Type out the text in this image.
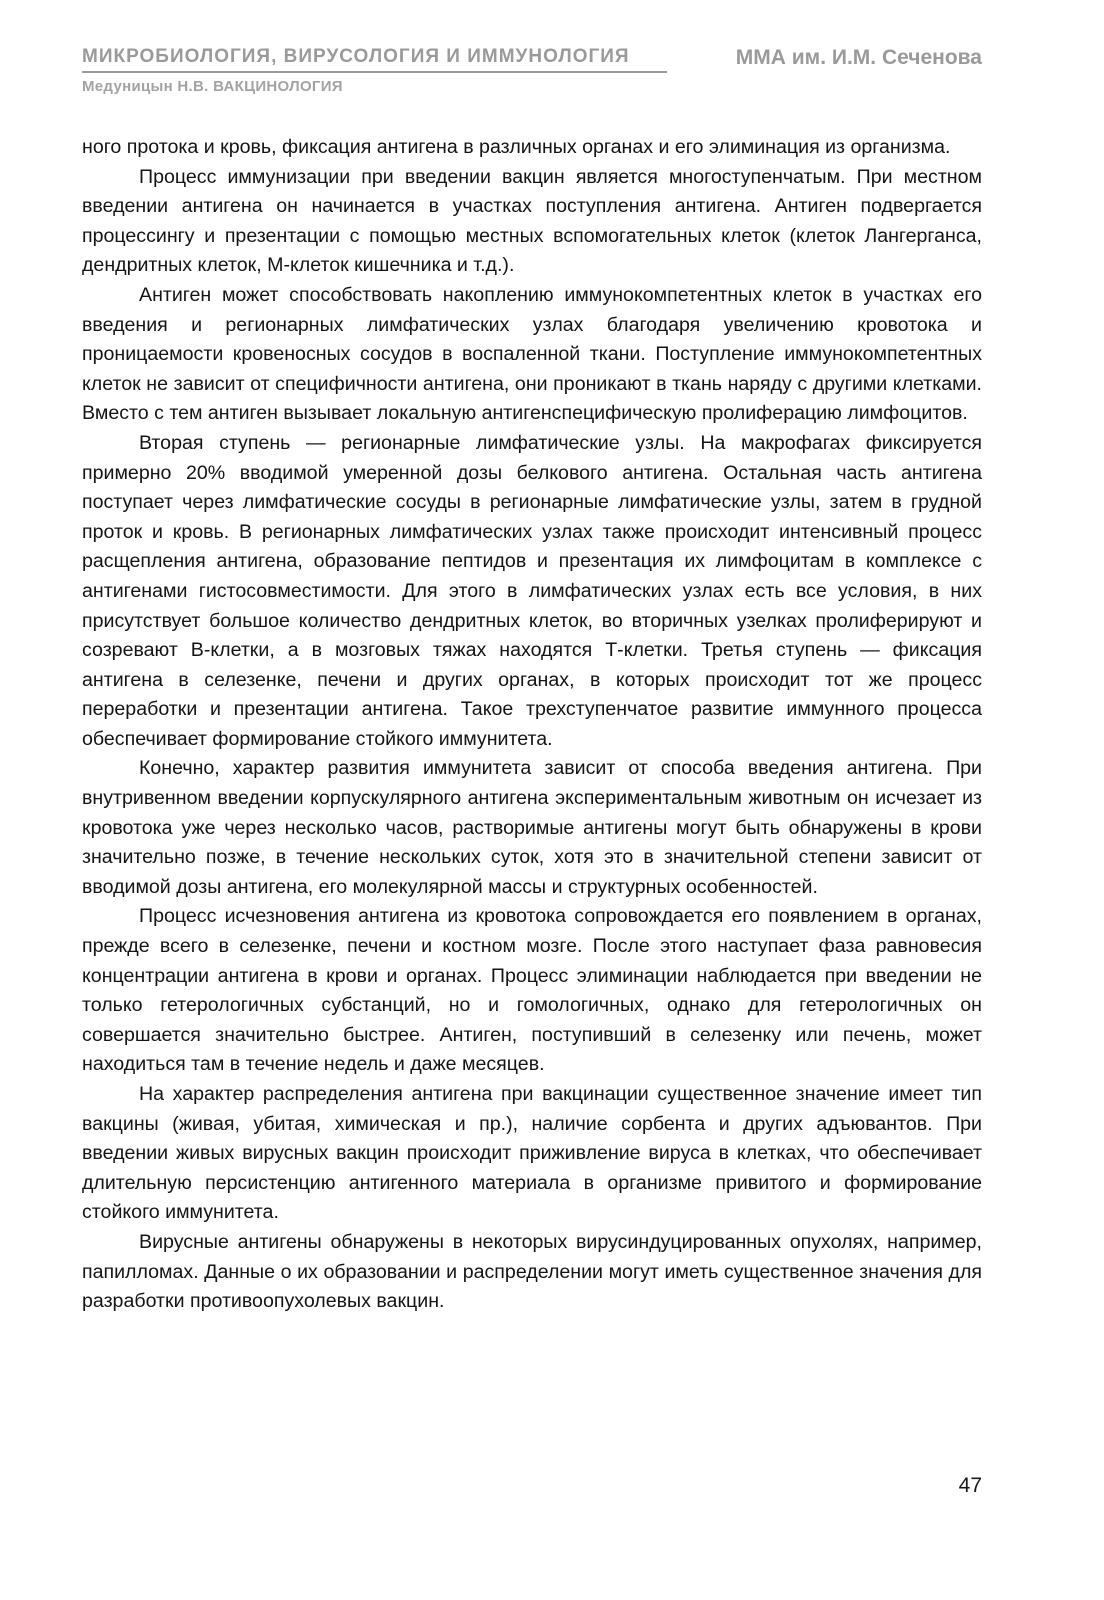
МИКРОБИОЛОГИЯ, ВИРУСОЛОГИЯ И ИММУНОЛОГИЯ	ММА им. И.М. Сеченова
Медуницын Н.В. ВАКЦИНОЛОГИЯ

ного протока и кровь, фиксация антигена в различных органах и его элиминация из организма.

Процесс иммунизации при введении вакцин является многоступенчатым. При местном введении антигена он начинается в участках поступления антигена. Антиген подвергается процессингу и презентации с помощью местных вспомогательных клеток (клеток Лангерганса, дендритных клеток, М-клеток кишечника и т.д.).

Антиген может способствовать накоплению иммунокомпетентных клеток в участках его введения и регионарных лимфатических узлах благодаря увеличению кровотока и проницаемости кровеносных сосудов в воспаленной ткани. Поступление иммунокомпетентных клеток не зависит от специфичности антигена, они проникают в ткань наряду с другими клетками. Вместо с тем антиген вызывает локальную антигенспецифическую пролиферацию лимфоцитов.

Вторая ступень — регионарные лимфатические узлы. На макрофагах фиксируется примерно 20% вводимой умеренной дозы белкового антигена. Остальная часть антигена поступает через лимфатические сосуды в регионарные лимфатические узлы, затем в грудной проток и кровь. В регионарных лимфатических узлах также происходит интенсивный процесс расщепления антигена, образование пептидов и презентация их лимфоцитам в комплексе с антигенами гистосовместимости. Для этого в лимфатических узлах есть все условия, в них присутствует большое количество дендритных клеток, во вторичных узелках пролиферируют и созревают В-клетки, а в мозговых тяжах находятся Т-клетки. Третья ступень — фиксация антигена в селезенке, печени и других органах, в которых происходит тот же процесс переработки и презентации антигена. Такое трехступенчатое развитие иммунного процесса обеспечивает формирование стойкого иммунитета.

Конечно, характер развития иммунитета зависит от способа введения антигена. При внутривенном введении корпускулярного антигена экспериментальным животным он исчезает из кровотока уже через несколько часов, растворимые антигены могут быть обнаружены в крови значительно позже, в течение нескольких суток, хотя это в значительной степени зависит от вводимой дозы антигена, его молекулярной массы и структурных особенностей.

Процесс исчезновения антигена из кровотока сопровождается его появлением в органах, прежде всего в селезенке, печени и костном мозге. После этого наступает фаза равновесия концентрации антигена в крови и органах. Процесс элиминации наблюдается при введении не только гетерологичных субстанций, но и гомологичных, однако для гетерологичных он совершается значительно быстрее. Антиген, поступивший в селезенку или печень, может находиться там в течение недель и даже месяцев.

На характер распределения антигена при вакцинации существенное значение имеет тип вакцины (живая, убитая, химическая и пр.), наличие сорбента и других адъювантов. При введении живых вирусных вакцин происходит приживление вируса в клетках, что обеспечивает длительную персистенцию антигенного материала в организме привитого и формирование стойкого иммунитета.

Вирусные антигены обнаружены в некоторых вирусиндуцированных опухолях, например, папилломах. Данные о их образовании и распределении могут иметь существенное значения для разработки противоопухолевых вакцин.

47
